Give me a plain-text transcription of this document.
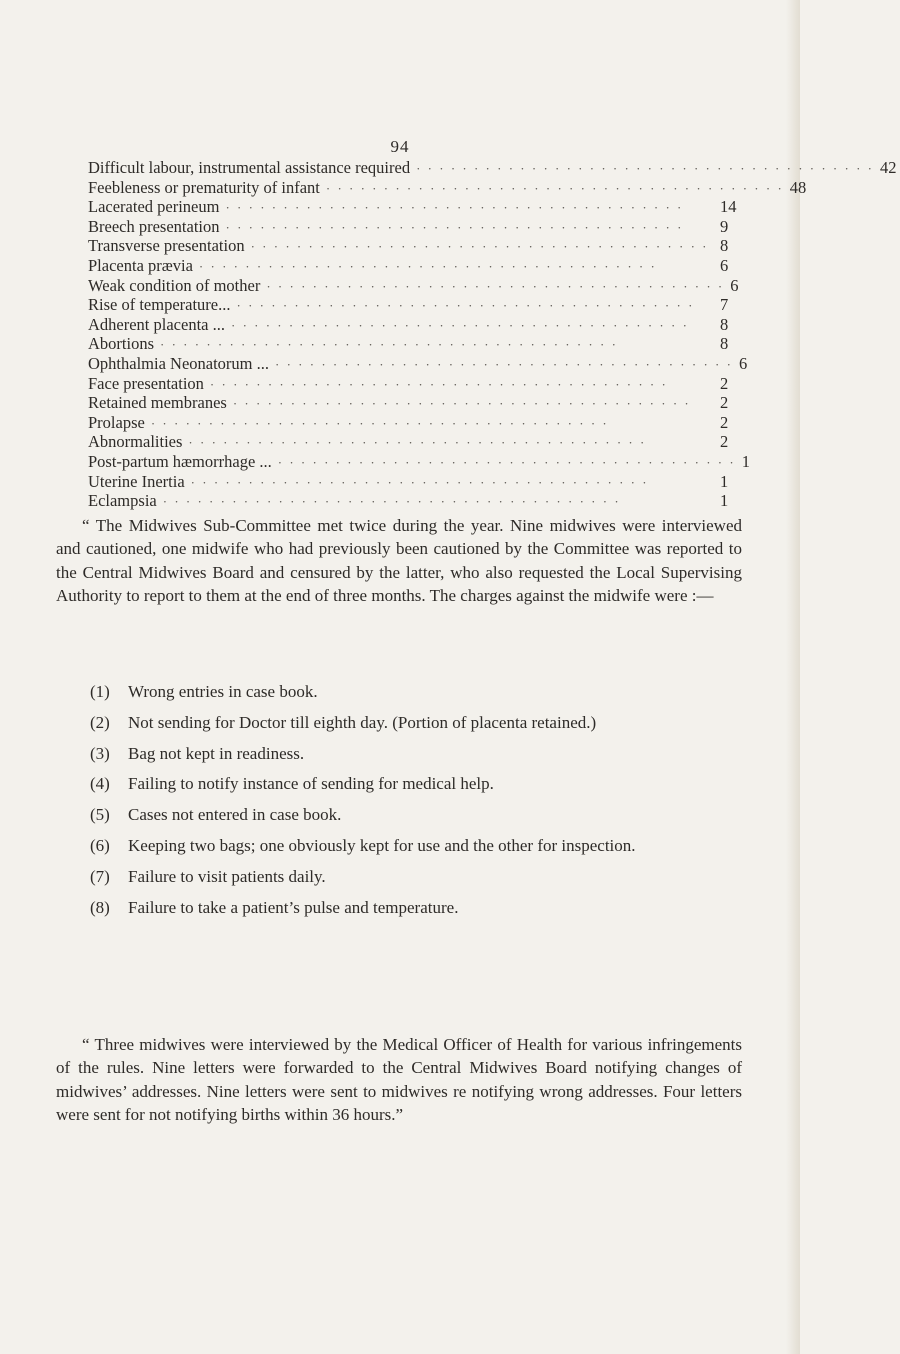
94
Difficult labour, instrumental assistance required · · · · · · · · · · · · · · · · · · · · · · · · · · · · · · · · · · · · · · · · 42
Feebleness or prematurity of infant · · · · · · · · · · · · · · · · · · · · · · · · · · · · · · · · · · · · · · · · 48
Lacerated perineum · · · · · · · · · · · · · · · · · · · · · · · · · · · · · · · · · · · · · · · ·	14
Breech presentation · · · · · · · · · · · · · · · · · · · · · · · · · · · · · · · · · · · · · · · ·	9
Transverse presentation · · · · · · · · · · · · · · · · · · · · · · · · · · · · · · · · · · · · · · · · 8
Placenta prævia · · · · · · · · · · · · · · · · · · · · · · · · · · · · · · · · · · · · · · · ·	6
Weak condition of mother · · · · · · · · · · · · · · · · · · · · · · · · · · · · · · · · · · · · · · · · 6
Rise of temperature... · · · · · · · · · · · · · · · · · · · · · · · · · · · · · · · · · · · · · · · ·	7
Adherent placenta ... · · · · · · · · · · · · · · · · · · · · · · · · · · · · · · · · · · · · · · · ·	8
Abortions · · · · · · · · · · · · · · · · · · · · · · · · · · · · · · · · · · · · · · · ·	8
Ophthalmia Neonatorum ... · · · · · · · · · · · · · · · · · · · · · · · · · · · · · · · · · · · · · · · · 6
Face presentation · · · · · · · · · · · · · · · · · · · · · · · · · · · · · · · · · · · · · · · ·	2
Retained membranes · · · · · · · · · · · · · · · · · · · · · · · · · · · · · · · · · · · · · · · ·	2
Prolapse · · · · · · · · · · · · · · · · · · · · · · · · · · · · · · · · · · · · · · · ·	2
Abnormalities · · · · · · · · · · · · · · · · · · · · · · · · · · · · · · · · · · · · · · · ·	2
Post-partum hæmorrhage ... · · · · · · · · · · · · · · · · · · · · · · · · · · · · · · · · · · · · · · · · 1
Uterine Inertia · · · · · · · · · · · · · · · · · · · · · · · · · · · · · · · · · · · · · · · ·	1
Eclampsia · · · · · · · · · · · · · · · · · · · · · · · · · · · · · · · · · · · · · · · ·	1

“ The Midwives Sub-Committee met twice during the year. Nine midwives were interviewed and cautioned, one midwife who had previously been cautioned by the Committee was reported to the Central Midwives Board and censured by the latter, who also requested the Local Supervising Authority to report to them at the end of three months. The charges against the midwife were :—

(1)	Wrong entries in case book.
(2)	Not sending for Doctor till eighth day. (Portion of placenta retained.)
(3)	Bag not kept in readiness.
(4)	Failing to notify instance of sending for medical help.
(5)	Cases not entered in case book.
(6)	Keeping two bags; one obviously kept for use and the other for inspection.
(7)	Failure to visit patients daily.
(8)	Failure to take a patient’s pulse and temperature.

“ Three midwives were interviewed by the Medical Officer of Health for various infringements of the rules. Nine letters were forwarded to the Central Midwives Board notifying changes of midwives’ addresses. Nine letters were sent to midwives re notifying wrong addresses. Four letters were sent for not notifying births within 36 hours.”
